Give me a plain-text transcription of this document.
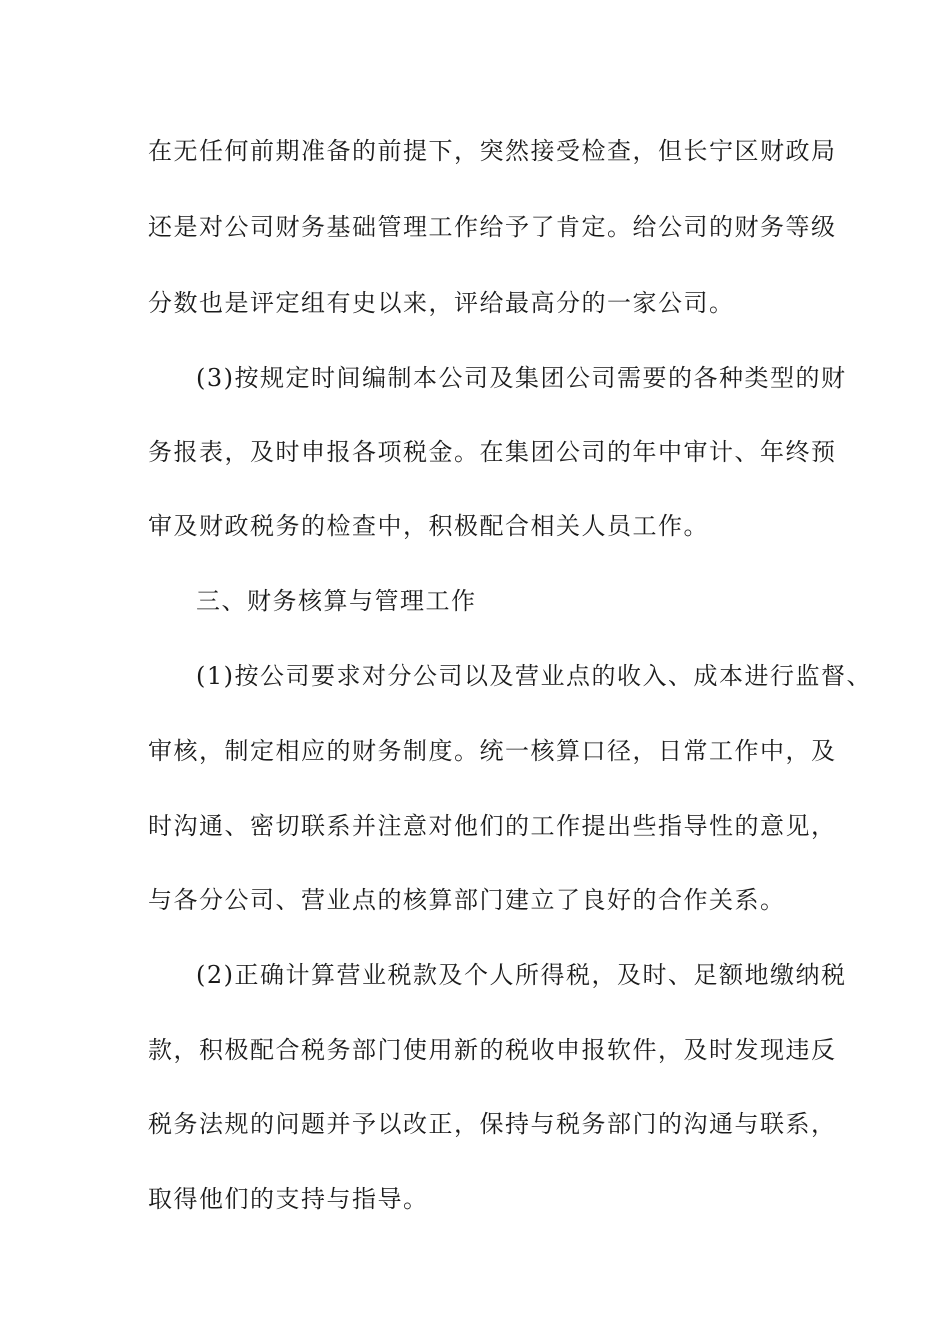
在无任何前期准备的前提下，突然接受检查，但长宁区财政局
还是对公司财务基础管理工作给予了肯定。给公司的财务等级
分数也是评定组有史以来，评给最高分的一家公司。
(3)按规定时间编制本公司及集团公司需要的各种类型的财
务报表，及时申报各项税金。在集团公司的年中审计、年终预
审及财政税务的检查中，积极配合相关人员工作。
三、财务核算与管理工作
(1)按公司要求对分公司以及营业点的收入、成本进行监督、
审核，制定相应的财务制度。统一核算口径，日常工作中，及
时沟通、密切联系并注意对他们的工作提出些指导性的意见，
与各分公司、营业点的核算部门建立了良好的合作关系。
(2)正确计算营业税款及个人所得税，及时、足额地缴纳税
款，积极配合税务部门使用新的税收申报软件，及时发现违反
税务法规的问题并予以改正，保持与税务部门的沟通与联系，
取得他们的支持与指导。
